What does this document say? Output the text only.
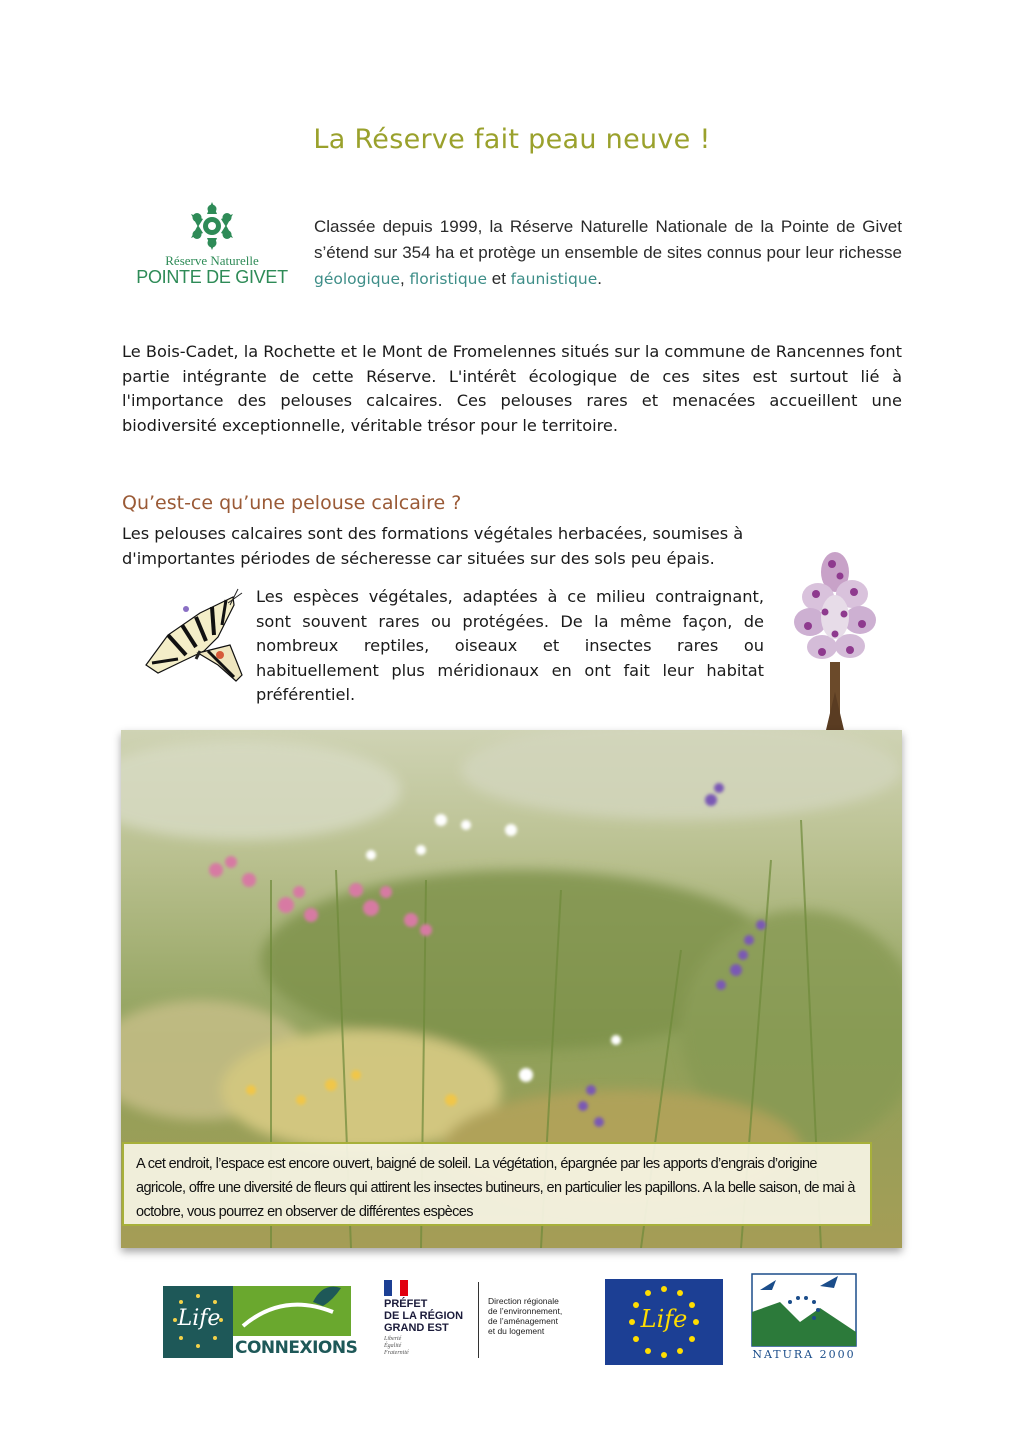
La Réserve fait peau neuve !
Réserve Naturelle
POINTE DE GIVET
Classée depuis 1999, la Réserve Naturelle Nationale de la Pointe de Givet s’étend sur 354 ha et protège un ensemble de sites connus pour leur richesse géologique, floristique et faunistique.
Le Bois-Cadet, la Rochette et le Mont de Fromelennes situés sur la commune de Rancennes font partie intégrante de cette Réserve. L'intérêt écologique de ces sites est surtout lié à l'importance des pelouses calcaires. Ces pelouses rares et menacées accueillent une biodiversité exceptionnelle, véritable trésor pour le territoire.
Qu’est-ce qu’une pelouse calcaire ?
Les pelouses calcaires sont des formations végétales herbacées, soumises à d'importantes périodes de sécheresse car situées sur des sols peu épais.
Les espèces végétales, adaptées à ce milieu contraignant, sont souvent rares ou protégées. De la même façon, de nombreux reptiles, oiseaux et insectes rares ou habituellement plus méridionaux en ont fait leur habitat préférentiel.
A cet endroit, l’espace est encore ouvert, baigné de soleil. La végétation, épargnée par les apports d’engrais d’origine agricole, offre une diversité de fleurs qui attirent les insectes butineurs, en particulier les papillons. A la belle saison, de mai à octobre, vous pourrez en observer de différentes espèces
Life
CONNEXIONS
PRÉFET
DE LA RÉGION
GRAND EST
Liberté
Égalité
Fraternité
Direction régionale
de l’environnement,
de l’aménagement
et du logement	Life
NATURA 2000
